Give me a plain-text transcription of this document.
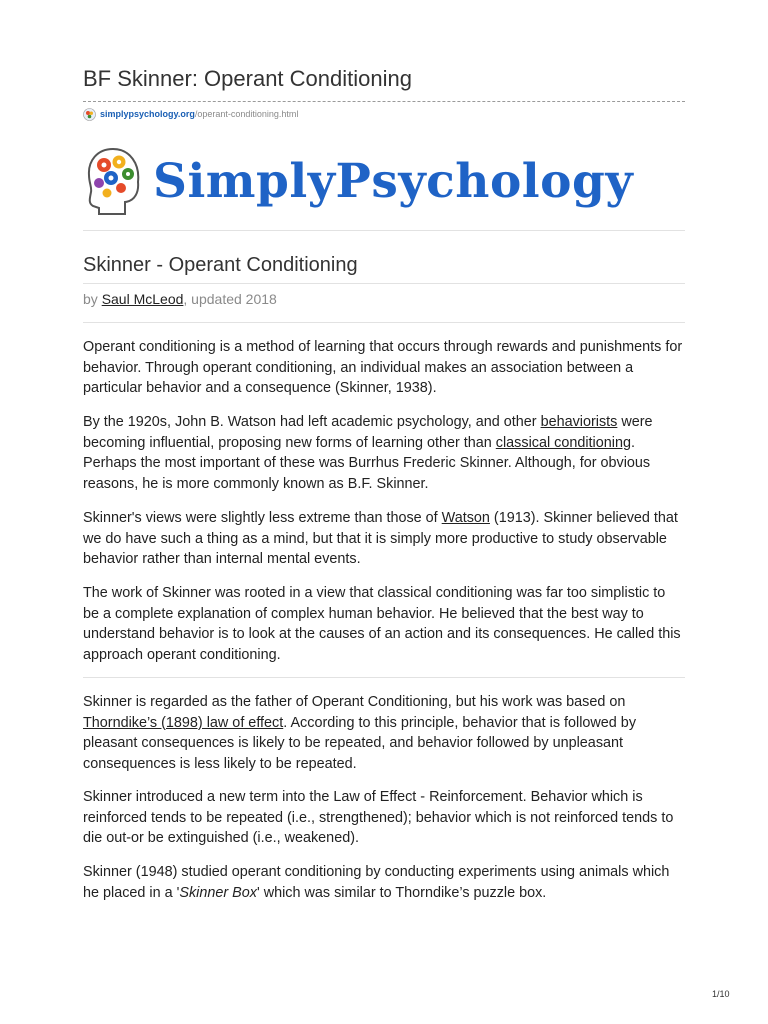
BF Skinner: Operant Conditioning
simplypsychology.org /operant-conditioning.html
SimplyPsychology
Skinner - Operant Conditioning
by Saul McLeod, updated 2018

Operant conditioning is a method of learning that occurs through rewards and punishments for behavior. Through operant conditioning, an individual makes an association between a particular behavior and a consequence (Skinner, 1938).

By the 1920s, John B. Watson had left academic psychology, and other behaviorists were becoming influential, proposing new forms of learning other than classical conditioning. Perhaps the most important of these was Burrhus Frederic Skinner. Although, for obvious reasons, he is more commonly known as B.F. Skinner.

Skinner's views were slightly less extreme than those of Watson (1913). Skinner believed that we do have such a thing as a mind, but that it is simply more productive to study observable behavior rather than internal mental events.

The work of Skinner was rooted in a view that classical conditioning was far too simplistic to be a complete explanation of complex human behavior. He believed that the best way to understand behavior is to look at the causes of an action and its consequences. He called this approach operant conditioning.

Skinner is regarded as the father of Operant Conditioning, but his work was based on Thorndike’s (1898) law of effect. According to this principle, behavior that is followed by pleasant consequences is likely to be repeated, and behavior followed by unpleasant consequences is less likely to be repeated.

Skinner introduced a new term into the Law of Effect - Reinforcement. Behavior which is reinforced tends to be repeated (i.e., strengthened); behavior which is not reinforced tends to die out-or be extinguished (i.e., weakened).

Skinner (1948) studied operant conditioning by conducting experiments using animals which he placed in a 'Skinner Box' which was similar to Thorndike’s puzzle box.

1/10
